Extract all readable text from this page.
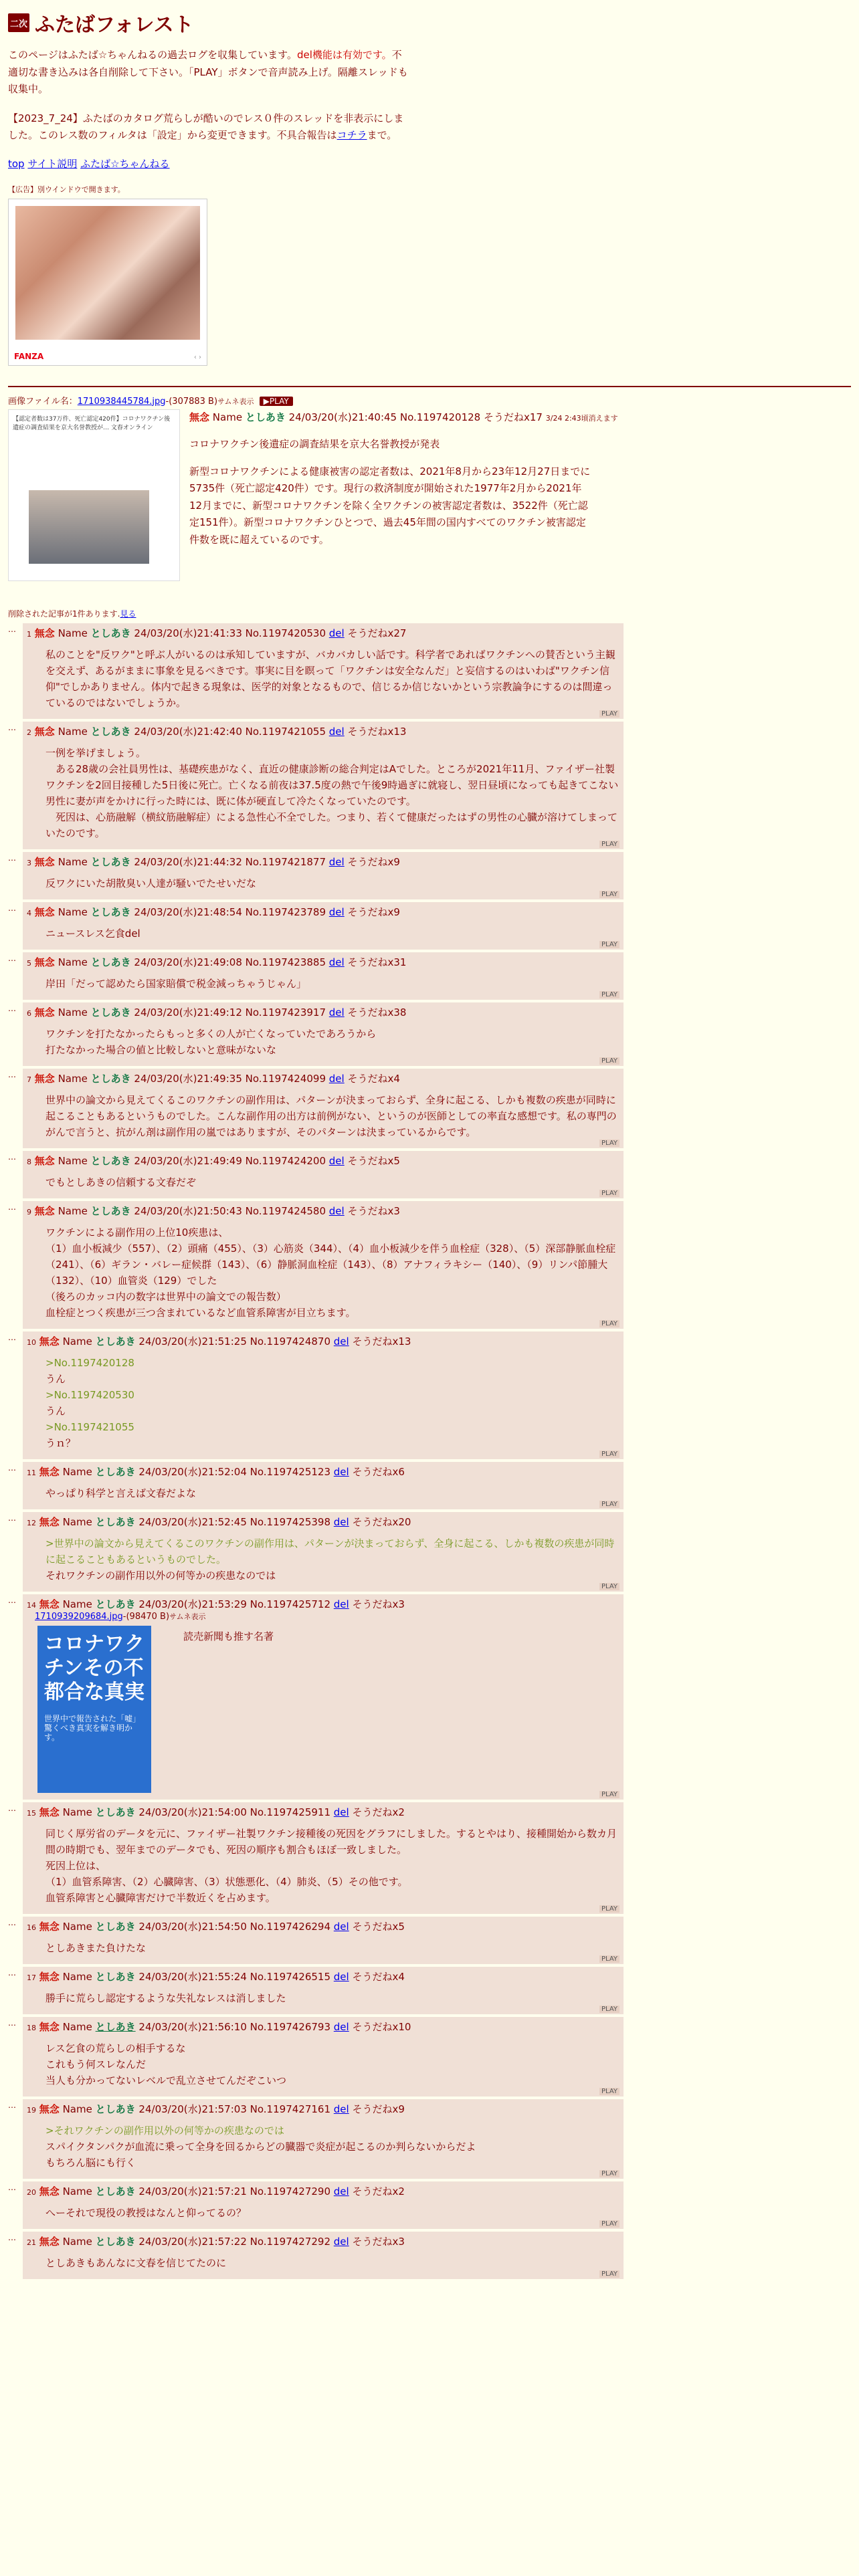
二次 ふたばフォレスト

このページはふたば☆ちゃんねるの過去ログを収集しています。del機能は有効です。不適切な書き込みは各自削除して下さい。「PLAY」ボタンで音声読み上げ。隔離スレッドも収集中。

【2023_7_24】ふたばのカタログ荒らしが酷いのでレス０件のスレッドを非表示にしました。このレス数のフィルタは「設定」から変更できます。不具合報告はコチラまで。

top サイト説明 ふたば☆ちゃんねる
【広告】別ウインドウで開きます。
FANZA	‹ ›
画像ファイル名：1710938445784.jpg-(307883 B)サムネ表示 ▶PLAY
【認定者数は37万件、死亡認定420件】コロナワクチン後遺症の調査結果を京大名誉教授が… 文春オンライン
無念 Name としあき 24/03/20(水)21:40:45 No.1197420128 そうだねx17 3/24 2:43頃消えます

コロナワクチン後遺症の調査結果を京大名誉教授が発表

新型コロナワクチンによる健康被害の認定者数は、2021年8月から23年12月27日までに5735件（死亡認定420件）です。現行の救済制度が開始された1977年2月から2021年12月までに、新型コロナワクチンを除く全ワクチンの被害認定者数は、3522件（死亡認定151件）。新型コロナワクチンひとつで、過去45年間の国内すべてのワクチン被害認定件数を既に超えているのです。

削除された記事が1件あります.見る
…
1 無念 Name としあき 24/03/20(水)21:41:33 No.1197420530 del そうだねx27

私のことを"反ワク"と呼ぶ人がいるのは承知していますが、バカバカしい話です。科学者であればワクチンへの賛否という主観を交えず、あるがままに事象を見るべきです。事実に目を瞑って「ワクチンは安全なんだ」と妄信するのはいわば"ワクチン信仰"でしかありません。体内で起きる現象は、医学的対象となるもので、信じるか信じないかという宗教論争にするのは間違っているのではないでしょうか。

PLAY
…
2 無念 Name としあき 24/03/20(水)21:42:40 No.1197421055 del そうだねx13

一例を挙げましょう。

　ある28歳の会社員男性は、基礎疾患がなく、直近の健康診断の総合判定はAでした。ところが2021年11月、ファイザー社製ワクチンを2回目接種した5日後に死亡。亡くなる前夜は37.5度の熱で午後9時過ぎに就寝し、翌日昼頃になっても起きてこない男性に妻が声をかけに行った時には、既に体が硬直して冷たくなっていたのです。

　死因は、心筋融解（横紋筋融解症）による急性心不全でした。つまり、若くて健康だったはずの男性の心臓が溶けてしまっていたのです。

PLAY
…
3 無念 Name としあき 24/03/20(水)21:44:32 No.1197421877 del そうだねx9

反ワクにいた胡散臭い人達が騒いでたせいだな

PLAY
…
4 無念 Name としあき 24/03/20(水)21:48:54 No.1197423789 del そうだねx9

ニュースレス乞食del

PLAY
…
5 無念 Name としあき 24/03/20(水)21:49:08 No.1197423885 del そうだねx31

岸田「だって認めたら国家賠償で税金減っちゃうじゃん」

PLAY
…
6 無念 Name としあき 24/03/20(水)21:49:12 No.1197423917 del そうだねx38

ワクチンを打たなかったらもっと多くの人が亡くなっていたであろうから

打たなかった場合の値と比較しないと意味がないな

PLAY
…
7 無念 Name としあき 24/03/20(水)21:49:35 No.1197424099 del そうだねx4

世界中の論文から見えてくるこのワクチンの副作用は、パターンが決まっておらず、全身に起こる、しかも複数の疾患が同時に起こることもあるというものでした。こんな副作用の出方は前例がない、というのが医師としての率直な感想です。私の専門のがんで言うと、抗がん剤は副作用の嵐ではありますが、そのパターンは決まっているからです。

PLAY
…
8 無念 Name としあき 24/03/20(水)21:49:49 No.1197424200 del そうだねx5

でもとしあきの信頼する文春だぞ

PLAY
…
9 無念 Name としあき 24/03/20(水)21:50:43 No.1197424580 del そうだねx3

ワクチンによる副作用の上位10疾患は、

（1）血小板減少（557）、（2）頭痛（455）、（3）心筋炎（344）、（4）血小板減少を伴う血栓症（328）、（5）深部静脈血栓症（241）、（6）ギラン・バレー症候群（143）、（6）静脈洞血栓症（143）、（8）アナフィラキシー（140）、（9）リンパ節腫大（132）、（10）血管炎（129）でした

（後ろのカッコ内の数字は世界中の論文での報告数）

血栓症とつく疾患が三つ含まれているなど血管系障害が目立ちます。

PLAY
…
10 無念 Name としあき 24/03/20(水)21:51:25 No.1197424870 del そうだねx13

>No.1197420128

うん

>No.1197420530

うん

>No.1197421055

うｎ？

PLAY
…
11 無念 Name としあき 24/03/20(水)21:52:04 No.1197425123 del そうだねx6

やっぱり科学と言えば文春だよな

PLAY
…
12 無念 Name としあき 24/03/20(水)21:52:45 No.1197425398 del そうだねx20

>世界中の論文から見えてくるこのワクチンの副作用は、パターンが決まっておらず、全身に起こる、しかも複数の疾患が同時に起こることもあるというものでした。

それワクチンの副作用以外の何等かの疾患なのでは

PLAY
…
14 無念 Name としあき 24/03/20(水)21:53:29 No.1197425712 del そうだねx3
1710939209684.jpg-(98470 B)サムネ表示
コロナワクチンその不都合な真実
世界中で報告された「嘘」驚くべき真実を解き明かす。

読売新聞も推す名著

PLAY
…
15 無念 Name としあき 24/03/20(水)21:54:00 No.1197425911 del そうだねx2

同じく厚労省のデータを元に、ファイザー社製ワクチン接種後の死因をグラフにしました。するとやはり、接種開始から数カ月間の時期でも、翌年までのデータでも、死因の順序も割合もほぼ一致しました。

死因上位は、

（1）血管系障害、（2）心臓障害、（3）状態悪化、（4）肺炎、（5）その他です。

血管系障害と心臓障害だけで半数近くを占めます。

PLAY
…
16 無念 Name としあき 24/03/20(水)21:54:50 No.1197426294 del そうだねx5

としあきまた負けたな

PLAY
…
17 無念 Name としあき 24/03/20(水)21:55:24 No.1197426515 del そうだねx4

勝手に荒らし認定するような失礼なレスは消しました

PLAY
…
18 無念 Name としあき 24/03/20(水)21:56:10 No.1197426793 del そうだねx10

レス乞食の荒らしの相手するな

これもう何スレなんだ

当人も分かってないレベルで乱立させてんだぞこいつ

PLAY
…
19 無念 Name としあき 24/03/20(水)21:57:03 No.1197427161 del そうだねx9

>それワクチンの副作用以外の何等かの疾患なのでは

スパイクタンパクが血流に乗って全身を回るからどの臓器で炎症が起こるのか判らないからだよ

もちろん脳にも行く

PLAY
…
20 無念 Name としあき 24/03/20(水)21:57:21 No.1197427290 del そうだねx2

へーそれで現役の教授はなんと仰ってるの？

PLAY
…
21 無念 Name としあき 24/03/20(水)21:57:22 No.1197427292 del そうだねx3

としあきもあんなに文春を信じてたのに

PLAY
